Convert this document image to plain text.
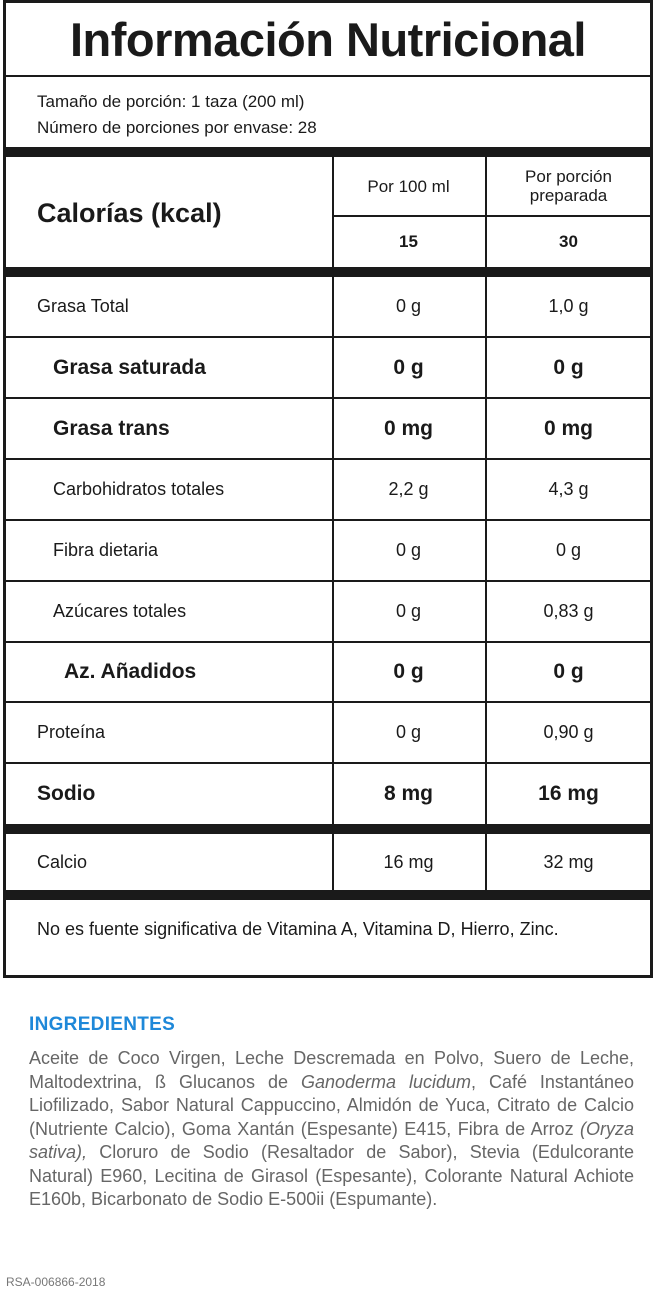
Información Nutricional
Tamaño de porción: 1 taza (200 ml)
Número de porciones por envase: 28
Calorías (kcal)
Por 100 ml	Por porción
preparada
15	30
Grasa Total	0 g	1,0 g
Grasa saturada	0 g	0 g
Grasa trans	0 mg	0 mg
Carbohidratos totales	2,2 g	4,3 g
Fibra dietaria	0 g	0 g
Azúcares totales	0 g	0,83 g
Az. Añadidos	0 g	0 g
Proteína	0 g	0,90 g
Sodio	8 mg	16 mg
Calcio	16 mg	32 mg
No es fuente significativa de Vitamina A, Vitamina D, Hierro, Zinc.
INGREDIENTES
Aceite de Coco Virgen, Leche Descremada en Polvo, Suero de Leche, Maltodextrina, ß Glucanos de Ganoderma lucidum, Café Instantáneo Liofilizado, Sabor Natural Cappuccino, Almidón de Yuca, Citrato de Calcio (Nutriente Calcio), Goma Xantán (Espesante) E415, Fibra de Arroz (Oryza sativa), Cloruro de Sodio (Resaltador de Sabor), Stevia (Edulcorante Natural) E960, Lecitina de Girasol (Espesante), Colorante Natural Achiote E160b, Bicarbonato de Sodio E-500ii (Espumante).
RSA-006866-2018
